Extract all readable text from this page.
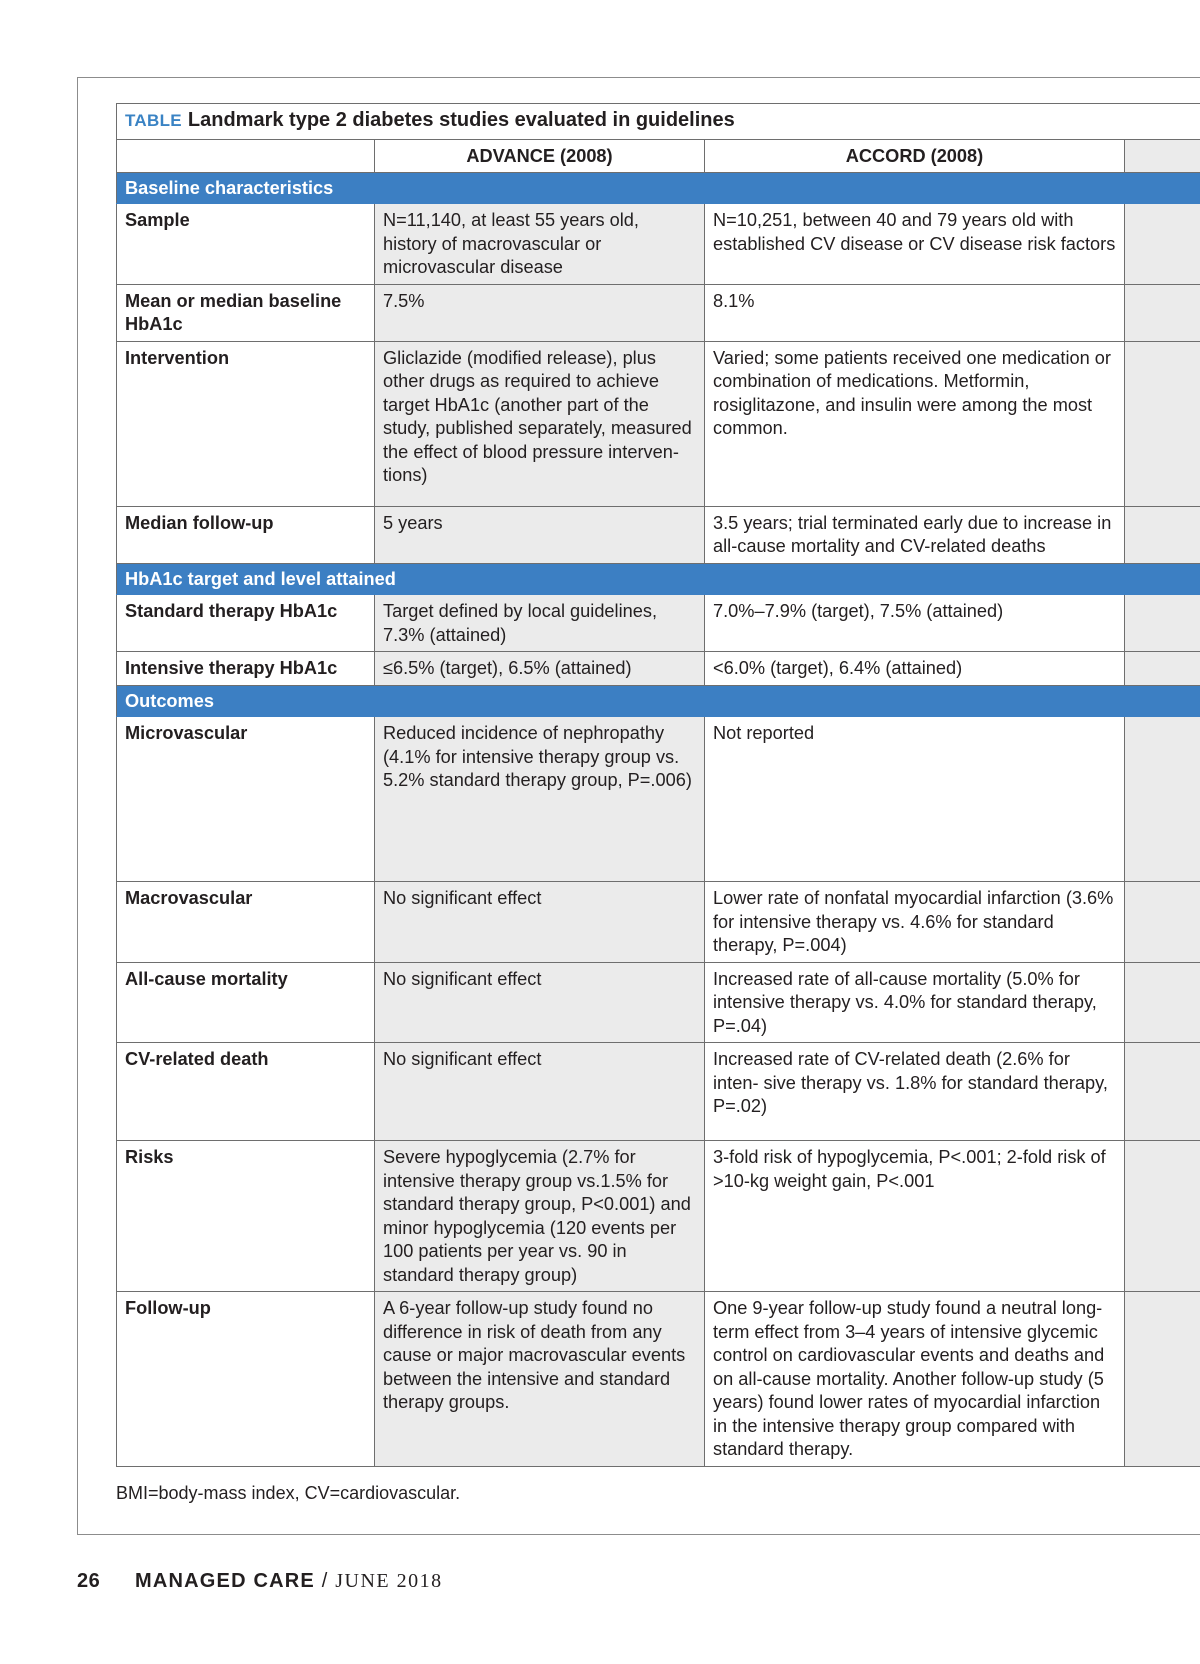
TABLE Landmark type 2 diabetes studies evaluated in guidelines			
	ADVANCE (2008)	ACCORD (2008)	
Baseline characteristics			
Sample	N=11,140, at least 55 years old, history of macrovascular or microvascular disease	N=10,251, between 40 and 79 years old with established CV disease or CV disease risk factors	
Mean or median baseline HbA1c	7.5%	8.1%	
Intervention	Gliclazide (modified release), plus other drugs as required to achieve target HbA1c (another part of the study, published separately, measured the effect of blood pressure interven- tions)	Varied; some patients received one medication or combination of medications. Metformin, rosiglitazone, and insulin were among the most common.	
Median follow-up	5 years	3.5 years; trial terminated early due to increase in all-cause mortality and CV-related deaths	
HbA1c target and level attained			
Standard therapy HbA1c	Target defined by local guidelines, 7.3% (attained)	7.0%–7.9% (target), 7.5% (attained)	
Intensive therapy HbA1c	≤6.5% (target), 6.5% (attained)	<6.0% (target), 6.4% (attained)	
Outcomes			
Microvascular	Reduced incidence of nephropathy (4.1% for intensive therapy group vs. 5.2% standard therapy group, P=.006)	Not reported	
Macrovascular	No significant effect	Lower rate of nonfatal myocardial infarction (3.6% for intensive therapy vs. 4.6% for standard therapy, P=.004)	
All-cause mortality	No significant effect	Increased rate of all-cause mortality (5.0% for intensive therapy vs. 4.0% for standard therapy, P=.04)	
CV-related death	No significant effect	Increased rate of CV-related death (2.6% for inten- sive therapy vs. 1.8% for standard therapy, P=.02)	
Risks	Severe hypoglycemia (2.7% for intensive therapy group vs.1.5% for standard therapy group, P<0.001) and minor hypoglycemia (120 events per 100 patients per year vs. 90 in standard therapy group)	3-fold risk of hypoglycemia, P<.001; 2-fold risk of >10-kg weight gain, P<.001	
Follow-up	A 6-year follow-up study found no difference in risk of death from any cause or major macrovascular events between the intensive and standard therapy groups.	One 9-year follow-up study found a neutral long- term effect from 3–4 years of intensive glycemic control on cardiovascular events and deaths and on all-cause mortality. Another follow-up study (5 years) found lower rates of myocardial infarction in the intensive therapy group compared with standard therapy.	
BMI=body-mass index, CV=cardiovascular.
26 MANAGED CARE / JUNE 2018
